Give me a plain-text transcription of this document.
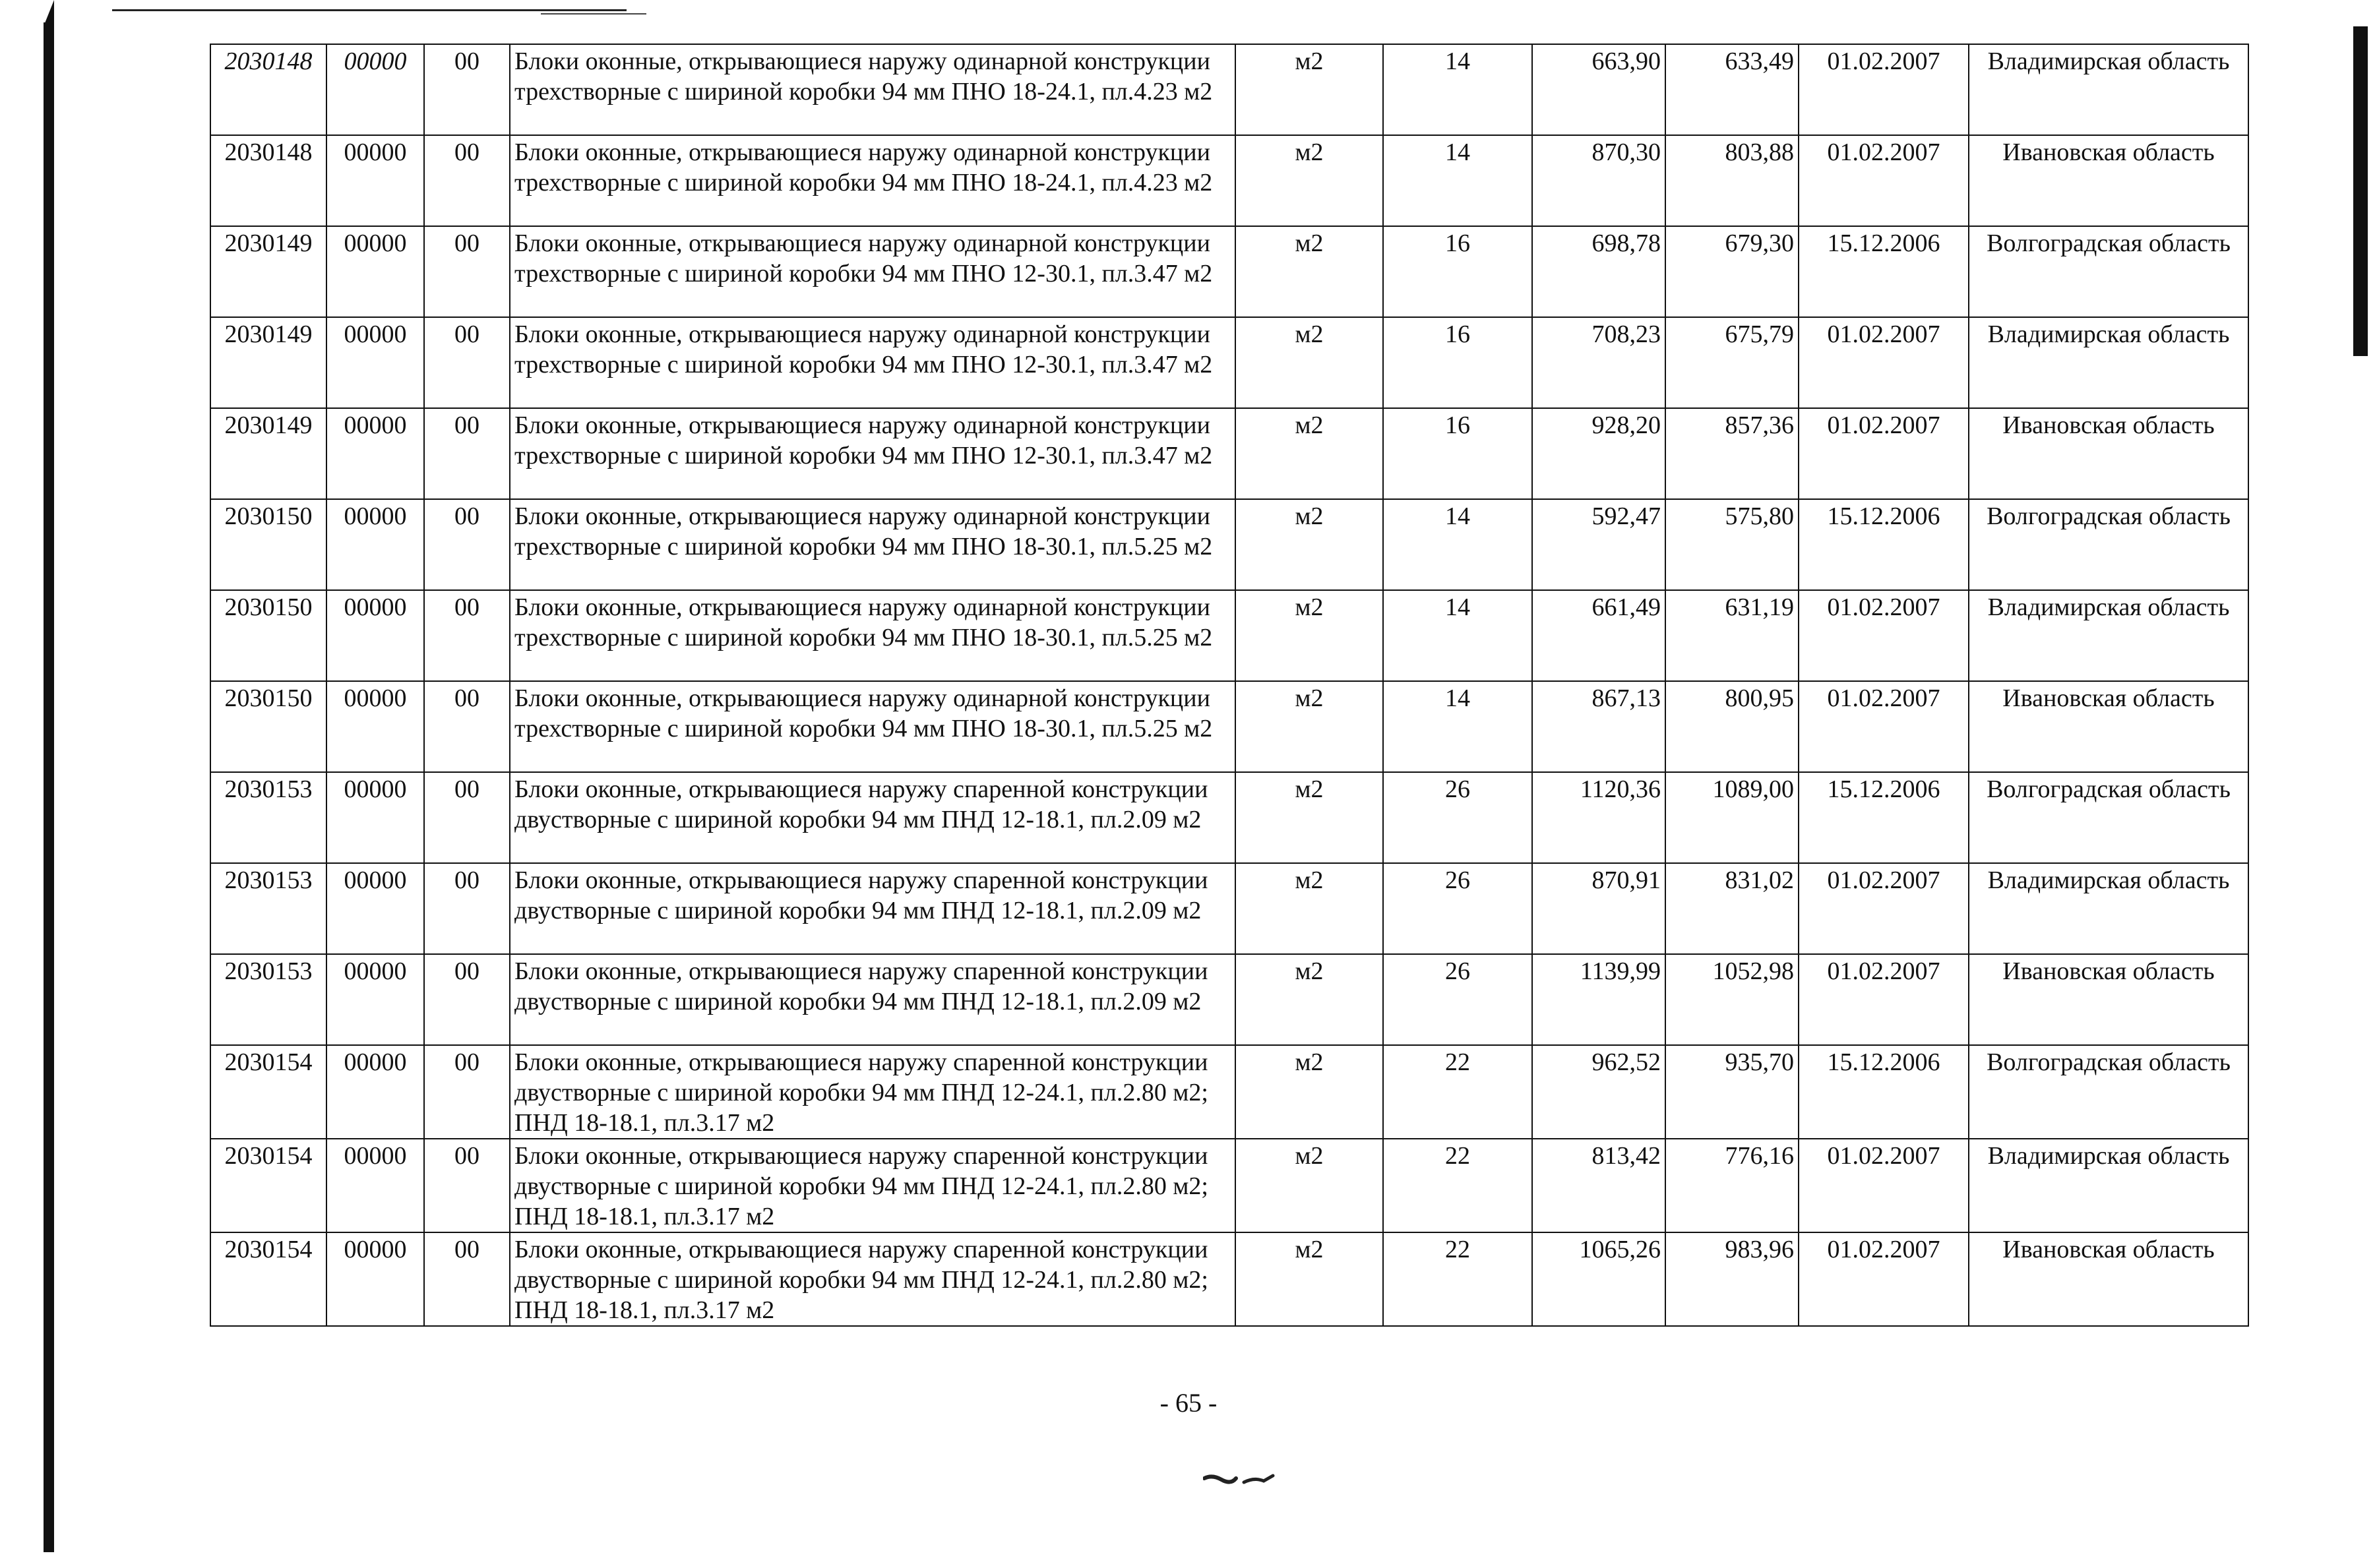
2030148	00000	00	Блоки оконные, открывающиеся наружу одинарной конструкции трехстворные с шириной коробки 94 мм ПНО 18-24.1, пл.4.23 м2	м2	14	663,90	633,49	01.02.2007	Владимирская область
2030148	00000	00	Блоки оконные, открывающиеся наружу одинарной конструкции трехстворные с шириной коробки 94 мм ПНО 18-24.1, пл.4.23 м2	м2	14	870,30	803,88	01.02.2007	Ивановская область
2030149	00000	00	Блоки оконные, открывающиеся наружу одинарной конструкции трехстворные с шириной коробки 94 мм ПНО 12-30.1, пл.3.47 м2	м2	16	698,78	679,30	15.12.2006	Волгоградская область
2030149	00000	00	Блоки оконные, открывающиеся наружу одинарной конструкции трехстворные с шириной коробки 94 мм ПНО 12-30.1, пл.3.47 м2	м2	16	708,23	675,79	01.02.2007	Владимирская область
2030149	00000	00	Блоки оконные, открывающиеся наружу одинарной конструкции трехстворные с шириной коробки 94 мм ПНО 12-30.1, пл.3.47 м2	м2	16	928,20	857,36	01.02.2007	Ивановская область
2030150	00000	00	Блоки оконные, открывающиеся наружу одинарной конструкции трехстворные с шириной коробки 94 мм ПНО 18-30.1, пл.5.25 м2	м2	14	592,47	575,80	15.12.2006	Волгоградская область
2030150	00000	00	Блоки оконные, открывающиеся наружу одинарной конструкции трехстворные с шириной коробки 94 мм ПНО 18-30.1, пл.5.25 м2	м2	14	661,49	631,19	01.02.2007	Владимирская область
2030150	00000	00	Блоки оконные, открывающиеся наружу одинарной конструкции трехстворные с шириной коробки 94 мм ПНО 18-30.1, пл.5.25 м2	м2	14	867,13	800,95	01.02.2007	Ивановская область
2030153	00000	00	Блоки оконные, открывающиеся наружу спаренной конструкции двустворные с шириной коробки 94 мм ПНД 12-18.1, пл.2.09 м2	м2	26	1120,36	1089,00	15.12.2006	Волгоградская область
2030153	00000	00	Блоки оконные, открывающиеся наружу спаренной конструкции двустворные с шириной коробки 94 мм ПНД 12-18.1, пл.2.09 м2	м2	26	870,91	831,02	01.02.2007	Владимирская область
2030153	00000	00	Блоки оконные, открывающиеся наружу спаренной конструкции двустворные с шириной коробки 94 мм ПНД 12-18.1, пл.2.09 м2	м2	26	1139,99	1052,98	01.02.2007	Ивановская область
2030154	00000	00	Блоки оконные, открывающиеся наружу спаренной конструкции двустворные с шириной коробки 94 мм ПНД 12-24.1, пл.2.80 м2; ПНД 18-18.1, пл.3.17 м2	м2	22	962,52	935,70	15.12.2006	Волгоградская область
2030154	00000	00	Блоки оконные, открывающиеся наружу спаренной конструкции двустворные с шириной коробки 94 мм ПНД 12-24.1, пл.2.80 м2; ПНД 18-18.1, пл.3.17 м2	м2	22	813,42	776,16	01.02.2007	Владимирская область
2030154	00000	00	Блоки оконные, открывающиеся наружу спаренной конструкции двустворные с шириной коробки 94 мм ПНД 12-24.1, пл.2.80 м2; ПНД 18-18.1, пл.3.17 м2	м2	22	1065,26	983,96	01.02.2007	Ивановская область
- 65 -
